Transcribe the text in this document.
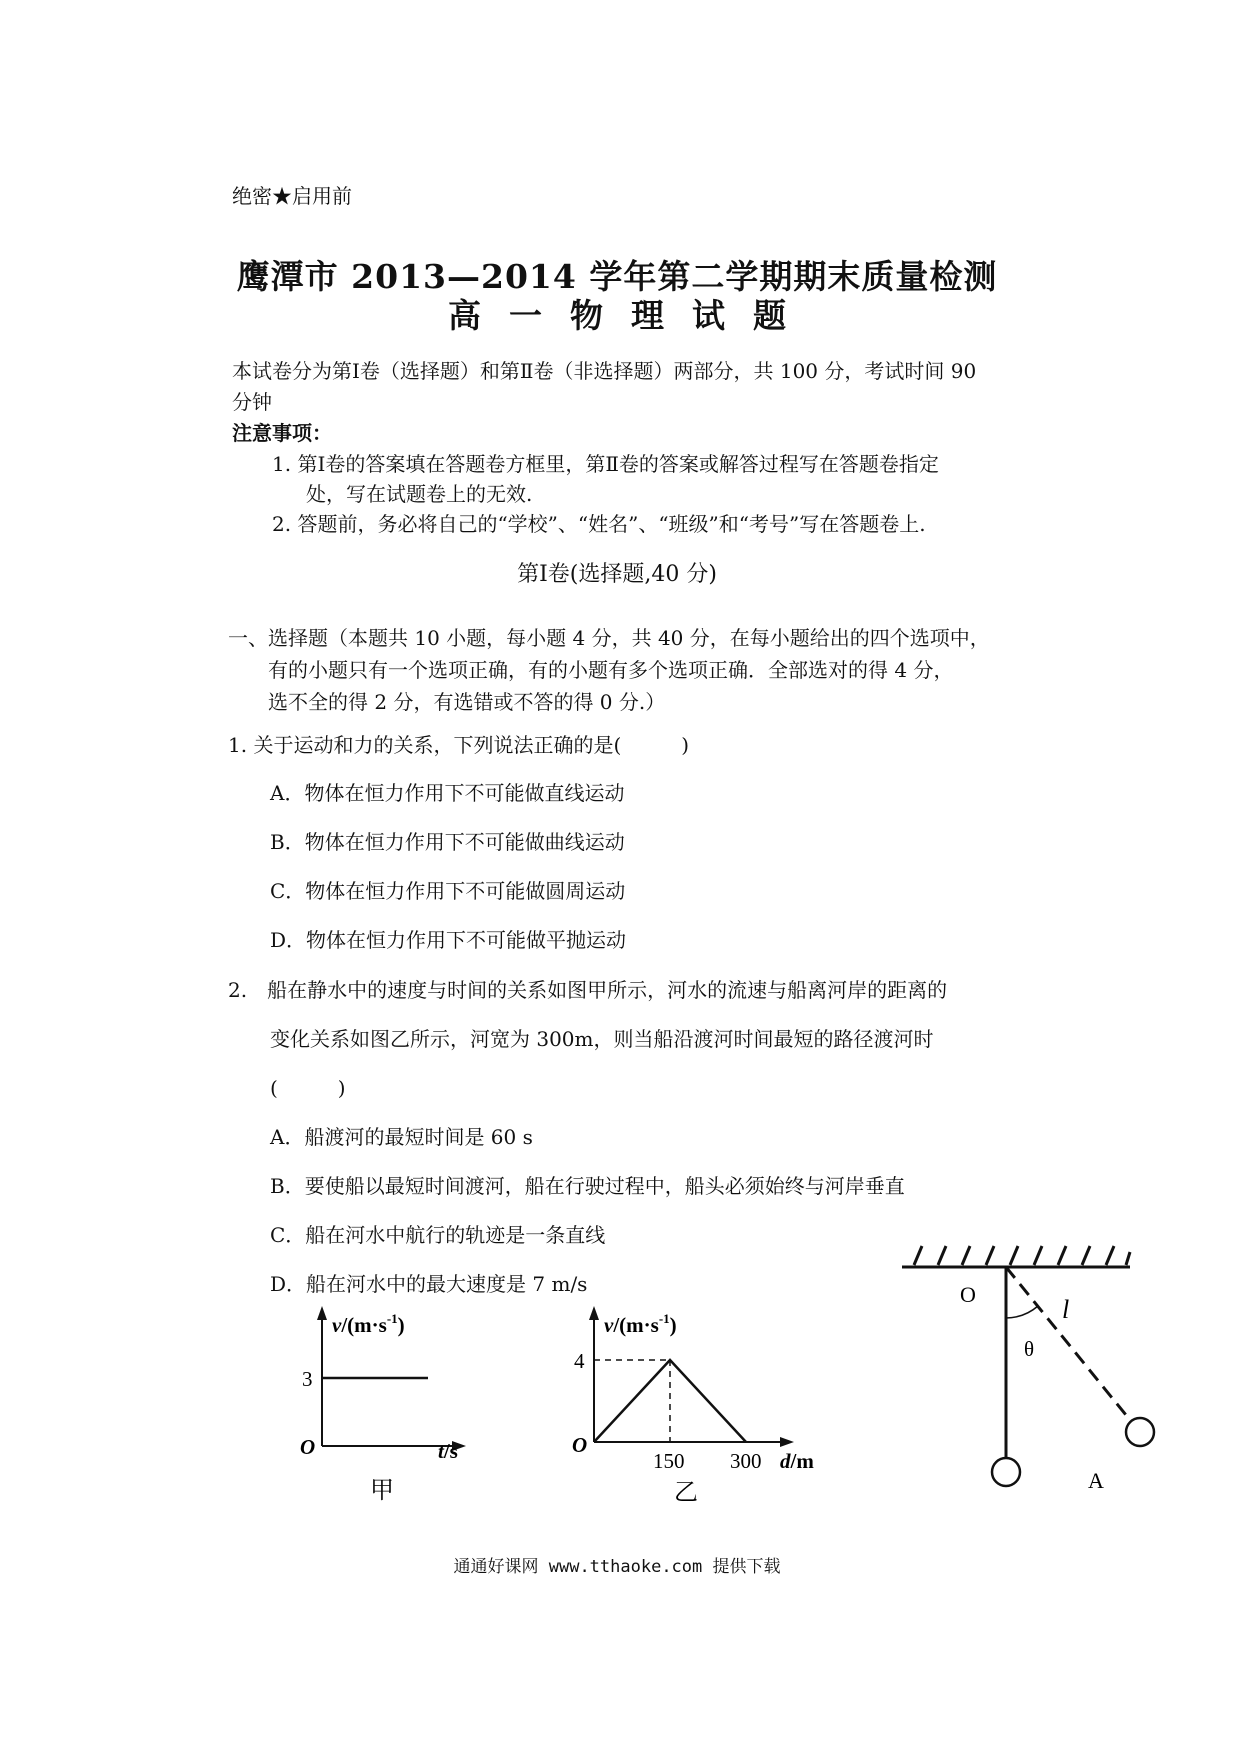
绝密★启用前
鹰潭市 2013—2014 学年第二学期期末质量检测
高一物理试题
本试卷分为第Ⅰ卷（选择题）和第Ⅱ卷（非选择题）两部分，共 100 分，考试时间 90
分钟
注意事项：
1. 第Ⅰ卷的答案填在答题卷方框里，第Ⅱ卷的答案或解答过程写在答题卷指定
处，写在试题卷上的无效.
2. 答题前，务必将自己的“学校”、“姓名”、“班级”和“考号”写在答题卷上.
第Ⅰ卷(选择题,40 分)
一、选择题（本题共 10 小题，每小题 4 分，共 40 分，在每小题给出的四个选项中，
有的小题只有一个选项正确，有的小题有多个选项正确．全部选对的得 4 分，
选不全的得 2 分，有选错或不答的得 0 分.）
1. 关于运动和力的关系，下列说法正确的是(　　　)
A．物体在恒力作用下不可能做直线运动
B．物体在恒力作用下不可能做曲线运动
C．物体在恒力作用下不可能做圆周运动
D．物体在恒力作用下不可能做平抛运动
2.　船在静水中的速度与时间的关系如图甲所示，河水的流速与船离河岸的距离的
变化关系如图乙所示，河宽为 300m，则当船沿渡河时间最短的路径渡河时
(　　　)
A．船渡河的最短时间是 60 s
B．要使船以最短时间渡河，船在行驶过程中，船头必须始终与河岸垂直
C．船在河水中航行的轨迹是一条直线
D．船在河水中的最大速度是 7 m/s
$v/(m\cdot s^{-1})$
3
O	t/s
甲
$v/(m\cdot s^{-1})$
4
O
150 300 d/m
乙
O
l
θ
A
通通好课网 www.tthaoke.com 提供下载
